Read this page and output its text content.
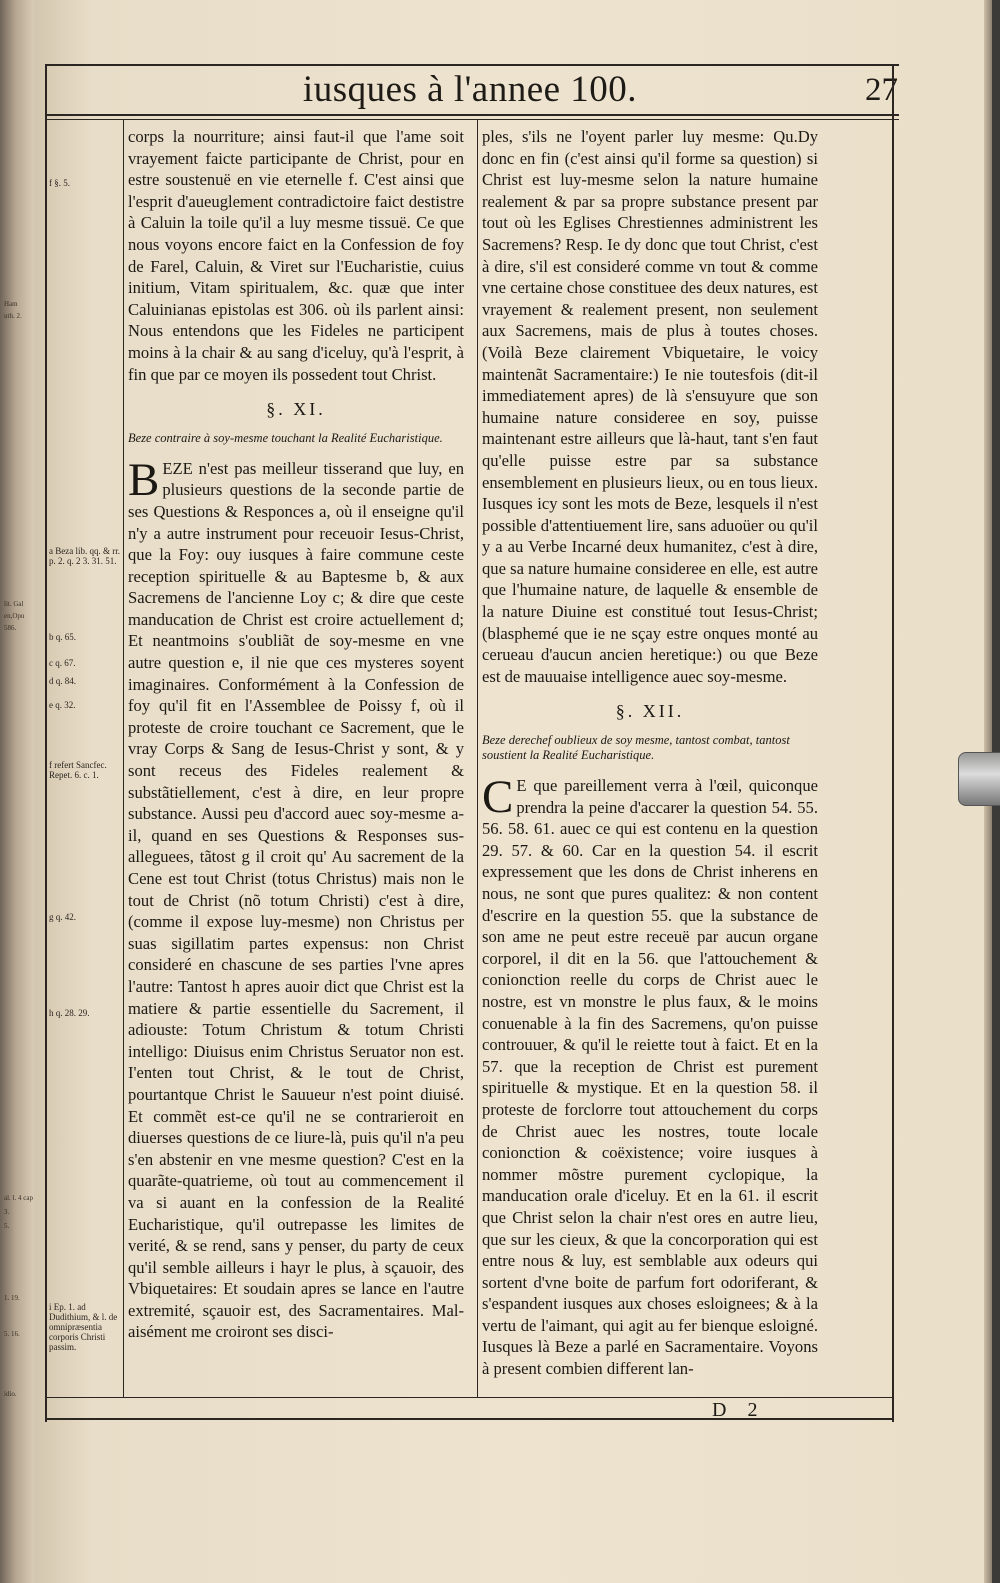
Ham
uth. 2.
lit. Gal
en,Opu
586.
al. l. 4 cap
3.
5.
1. 19.
5. 16.
idio.
iusques à l'annee 100.	27
f §. 5.
a Beza lib. qq. & rr. p. 2. q. 2 3. 31. 51.
b q. 65.
c q. 67.
d q. 84.
e q. 32.
f refert Sancfec. Repet. 6. c. 1.
g q. 42.
h q. 28. 29.
i Ep. 1. ad Dudithium, & l. de omnipræsentia corporis Christi passim.

corps la nourriture; ainsi faut-il que l'ame soit vrayement faicte participante de Christ, pour en estre soustenuë en vie eternelle f. C'est ainsi que l'esprit d'aueuglement contradictoire faict destistre à Caluin la toile qu'il a luy mesme tissuë. Ce que nous voyons encore faict en la Confession de foy de Farel, Caluin, & Viret sur l'Eucharistie, cuius initium, Vitam spiritualem, &c. quæ que inter Caluinianas epistolas est 306. où ils parlent ainsi: Nous entendons que les Fideles ne participent moins à la chair & au sang d'iceluy, qu'à l'esprit, à fin que par ce moyen ils possedent tout Christ.

§. XI.

Beze contraire à soy-mesme touchant la Realité Eucharistique.

B EZE n'est pas meilleur tisserand que luy, en plusieurs questions de la seconde partie de ses Questions & Responces a, où il enseigne qu'il n'y a autre instrument pour receuoir Iesus-Christ, que la Foy: ouy iusques à faire commune ceste reception spirituelle & au Baptesme b, & aux Sacremens de l'ancienne Loy c; & dire que ceste manducation de Christ est croire actuellement d; Et neantmoins s'oubliãt de soy-mesme en vne autre question e, il nie que ces mysteres soyent imaginaires. Conformément à la Confession de foy qu'il fit en l'Assemblee de Poissy f, où il proteste de croire touchant ce Sacrement, que le vray Corps & Sang de Iesus-Christ y sont, & y sont receus des Fideles realement & substãtiellement, c'est à dire, en leur propre substance. Aussi peu d'accord auec soy-mesme a-il, quand en ses Questions & Responses sus-alleguees, tãtost g il croit qu' Au sacrement de la Cene est tout Christ (totus Christus) mais non le tout de Christ (nõ totum Christi) c'est à dire, (comme il expose luy-mesme) non Christus per suas sigillatim partes expensus: non Christ consideré en chascune de ses parties l'vne apres l'autre: Tantost h apres auoir dict que Christ est la matiere & partie essentielle du Sacrement, il adiouste: Totum Christum & totum Christi intelligo: Diuisus enim Christus Seruator non est. I'enten tout Christ, & le tout de Christ, pourtantque Christ le Sauueur n'est point diuisé. Et commẽt est-ce qu'il ne se contrarieroit en diuerses questions de ce liure-là, puis qu'il n'a peu s'en abstenir en vne mesme question? C'est en la quarãte-quatrieme, où tout au commencement il va si auant en la confession de la Realité Eucharistique, qu'il outrepasse les limites de verité, & se rend, sans y penser, du party de ceux qu'il semble ailleurs i hayr le plus, à sçauoir, des Vbiquetaires: Et soudain apres se lance en l'autre extremité, sçauoir est, des Sacramentaires. Mal-aisément me croiront ses disci-

ples, s'ils ne l'oyent parler luy mesme: Qu.Dy donc en fin (c'est ainsi qu'il forme sa question) si Christ est luy-mesme selon la nature humaine realement & par sa propre substance present par tout où les Eglises Chrestiennes administrent les Sacremens? Resp. Ie dy donc que tout Christ, c'est à dire, s'il est consideré comme vn tout & comme vne certaine chose constituee des deux natures, est vrayement & realement present, non seulement aux Sacremens, mais de plus à toutes choses. (Voilà Beze clairement Vbiquetaire, le voicy maintenãt Sacramentaire:) Ie nie toutesfois (dit-il immediatement apres) de là s'ensuyure que son humaine nature consideree en soy, puisse maintenant estre ailleurs que là-haut, tant s'en faut qu'elle puisse estre par sa substance ensemblement en plusieurs lieux, ou en tous lieux. Iusques icy sont les mots de Beze, lesquels il n'est possible d'attentiuement lire, sans aduoüer ou qu'il y a au Verbe Incarné deux humanitez, c'est à dire, que sa nature humaine consideree en elle, est autre que l'humaine nature, de laquelle & ensemble de la nature Diuine est constitué tout Iesus-Christ; (blasphemé que ie ne sçay estre onques monté au cerueau d'aucun ancien heretique:) ou que Beze est de mauuaise intelligence auec soy-mesme.

§. XII.

Beze derechef oublieux de soy mesme, tantost combat, tantost soustient la Realité Eucharistique.

C E que pareillement verra à l'œil, quiconque prendra la peine d'accarer la question 54. 55. 56. 58. 61. auec ce qui est contenu en la question 29. 57. & 60. Car en la question 54. il escrit expressement que les dons de Christ inherens en nous, ne sont que pures qualitez: & non content d'escrire en la question 55. que la substance de son ame ne peut estre receuë par aucun organe corporel, il dit en la 56. que l'attouchement & conionction reelle du corps de Christ auec le nostre, est vn monstre le plus faux, & le moins conuenable à la fin des Sacremens, qu'on puisse controuuer, & qu'il le reiette tout à faict. Et en la 57. que la reception de Christ est purement spirituelle & mystique. Et en la question 58. il proteste de forclorre tout attouchement du corps de Christ auec les nostres, toute locale conionction & coëxistence; voire iusques à nommer mõstre purement cyclopique, la manducation orale d'iceluy. Et en la 61. il escrit que Christ selon la chair n'est ores en autre lieu, que sur les cieux, & que la concorporation qui est entre nous & luy, est semblable aux odeurs qui sortent d'vne boite de parfum fort odoriferant, & s'espandent iusques aux choses esloignees; & à la vertu de l'aimant, qui agit au fer bienque esloigné. Iusques là Beze a parlé en Sacramentaire. Voyons à present combien different lan-

D 2
